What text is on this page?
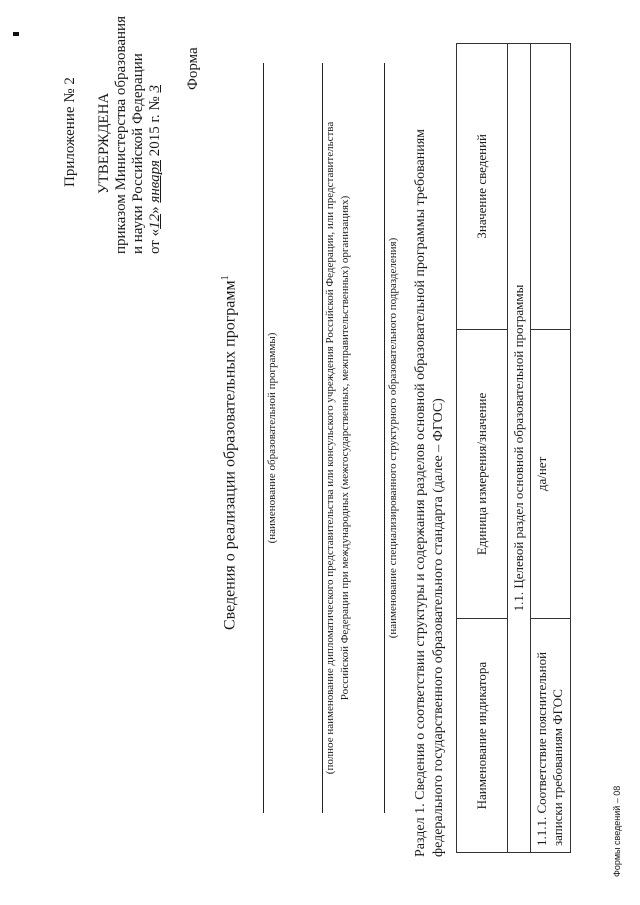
Приложение № 2 УТВЕРЖДЕНА приказом Министерства образования и науки Российской Федерации от «12» января 2015 г. № 3 Форма
Сведения о реализации образовательных программ$^1$
(наименование образовательной программы)	(полное наименование дипломатического представительства или консульского учреждения Российской Федерации, или представительства Российской Федерации при международных (межгосударственных, межправительственных) организациях)	(наименование специализированного структурного образовательного подразделения) Раздел 1. Сведения о соответствии структуры и содержания разделов основной образовательной программы требованиям федерального государственного образовательного стандарта (далее – ФГОС) Наименование индикатора	Единица измерения/значение	Значение сведений
1.1. Целевой раздел основной образовательной программы		
1.1.1. Соответствие пояснительной записки требованиям ФГОС	да/нет	
Формы сведений – 08
